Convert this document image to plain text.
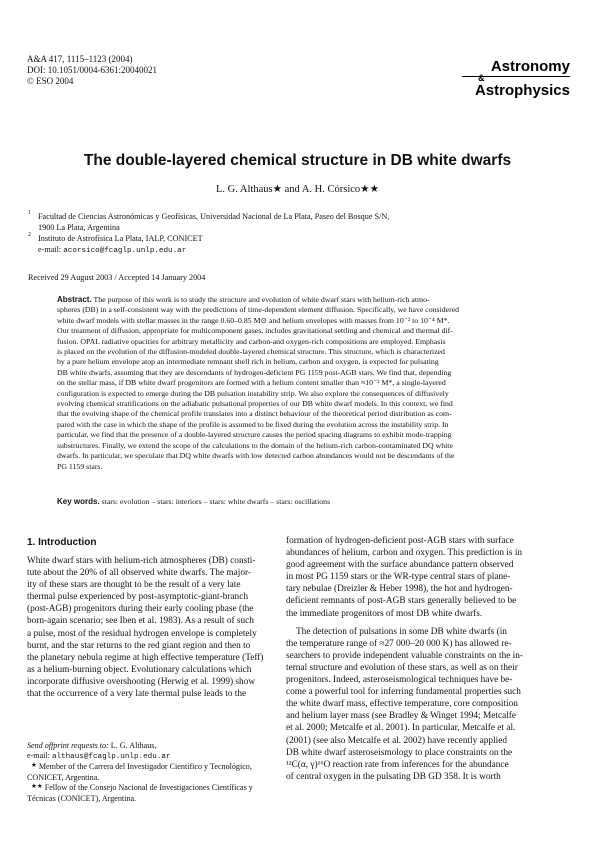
A&A 417, 1115–1123 (2004)
DOI: 10.1051/0004-6361:20040021
© ESO 2004
Astronomy
&
Astrophysics
The double-layered chemical structure in DB white dwarfs
L. G. Althaus★ and A. H. Córsico★★
1 Facultad de Ciencias Astronómicas y Geofísicas, Universidad Nacional de La Plata, Paseo del Bosque S/N,
1900 La Plata, Argentina
2 Instituto de Astrofísica La Plata, IALP, CONICET
e-mail: acorsico@fcaglp.unlp.edu.ar
Received 29 August 2003 / Accepted 14 January 2004
Abstract. The purpose of this work is to study the structure and evolution of white dwarf stars with helium-rich atmo-
spheres (DB) in a self-consistent way with the predictions of time-dependent element diffusion. Specifically, we have considered
white dwarf models with stellar masses in the range 0.60–0.85 M⊙ and helium envelopes with masses from 10⁻² to 10⁻⁴ M*.
Our treatment of diffusion, appropriate for multicomponent gases, includes gravitational settling and chemical and thermal dif-
fusion. OPAL radiative opacities for arbitrary metallicity and carbon-and oxygen-rich compositions are employed. Emphasis
is placed on the evolution of the diffusion-modeled double-layered chemical structure. This structure, which is characterized
by a pure helium envelope atop an intermediate remnant shell rich in helium, carbon and oxygen, is expected for pulsating
DB white dwarfs, assuming that they are descendants of hydrogen-deficient PG 1159 post-AGB stars. We find that, depending
on the stellar mass, if DB white dwarf progenitors are formed with a helium content smaller than ≈10⁻³ M*, a single-layered
configuration is expected to emerge during the DB pulsation instability strip. We also explore the consequences of diffusively
evolving chemical stratifications on the adiabatic pulsational properties of our DB white dwarf models. In this context, we find
that the evolving shape of the chemical profile translates into a distinct behaviour of the theoretical period distribution as com-
pared with the case in which the shape of the profile is assumed to be fixed during the evolution across the instability strip. In
particular, we find that the presence of a double-layered structure causes the period spacing diagrams to exhibit mode-trapping
substructures. Finally, we extend the scope of the calculations to the domain of the helium-rich carbon-contaminated DQ white
dwarfs. In particular, we speculate that DQ white dwarfs with low detected carbon abundances would not be descendants of the
PG 1159 stars.
Key words. stars: evolution – stars: interiors – stars: white dwarfs – stars: oscillations
1. Introduction
White dwarf stars with helium-rich atmospheres (DB) consti-
tute about the 20% of all observed white dwarfs. The major-
ity of these stars are thought to be the result of a very late
thermal pulse experienced by post-asymptotic-giant-branch
(post-AGB) progenitors during their early cooling phase (the
born-again scenario; see Iben et al. 1983). As a result of such
a pulse, most of the residual hydrogen envelope is completely
burnt, and the star returns to the red giant region and then to
the planetary nebula regime at high effective temperature (Teff)
as a helium-burning object. Evolutionary calculations which
incorporate diffusive overshooting (Herwig et al. 1999) show
that the occurrence of a very late thermal pulse leads to the
formation of hydrogen-deficient post-AGB stars with surface
abundances of helium, carbon and oxygen. This prediction is in
good agreement with the surface abundance pattern observed
in most PG 1159 stars or the WR-type central stars of plane-
tary nebulae (Dreizler & Heber 1998), the hot and hydrogen-
deficient remnants of post-AGB stars generally believed to be
the immediate progenitors of most DB white dwarfs.
The detection of pulsations in some DB white dwarfs (in
the temperature range of ≈27 000–20 000 K) has allowed re-
searchers to provide independent valuable constraints on the in-
ternal structure and evolution of these stars, as well as on their
progenitors. Indeed, asteroseismological techniques have be-
come a powerful tool for inferring fundamental properties such
the white dwarf mass, effective temperature, core composition
and helium layer mass (see Bradley & Winget 1994; Metcalfe
et al. 2000; Metcalfe et al. 2001). In particular, Metcalfe et al.
(2001) (see also Metcalfe et al. 2002) have recently applied
DB white dwarf asteroseismology to place constraints on the
¹²C(α, γ)¹⁶O reaction rate from inferences for the abundance
of central oxygen in the pulsating DB GD 358. It is worth
Send offprint requests to: L. G. Althaus,
e-mail: althaus@fcaglp.unlp.edu.ar
★ Member of the Carrera del Investigador Científico y Tecnológico,
CONICET, Argentina.
★★ Fellow of the Consejo Nacional de Investigaciones Científicas y
Técnicas (CONICET), Argentina.
